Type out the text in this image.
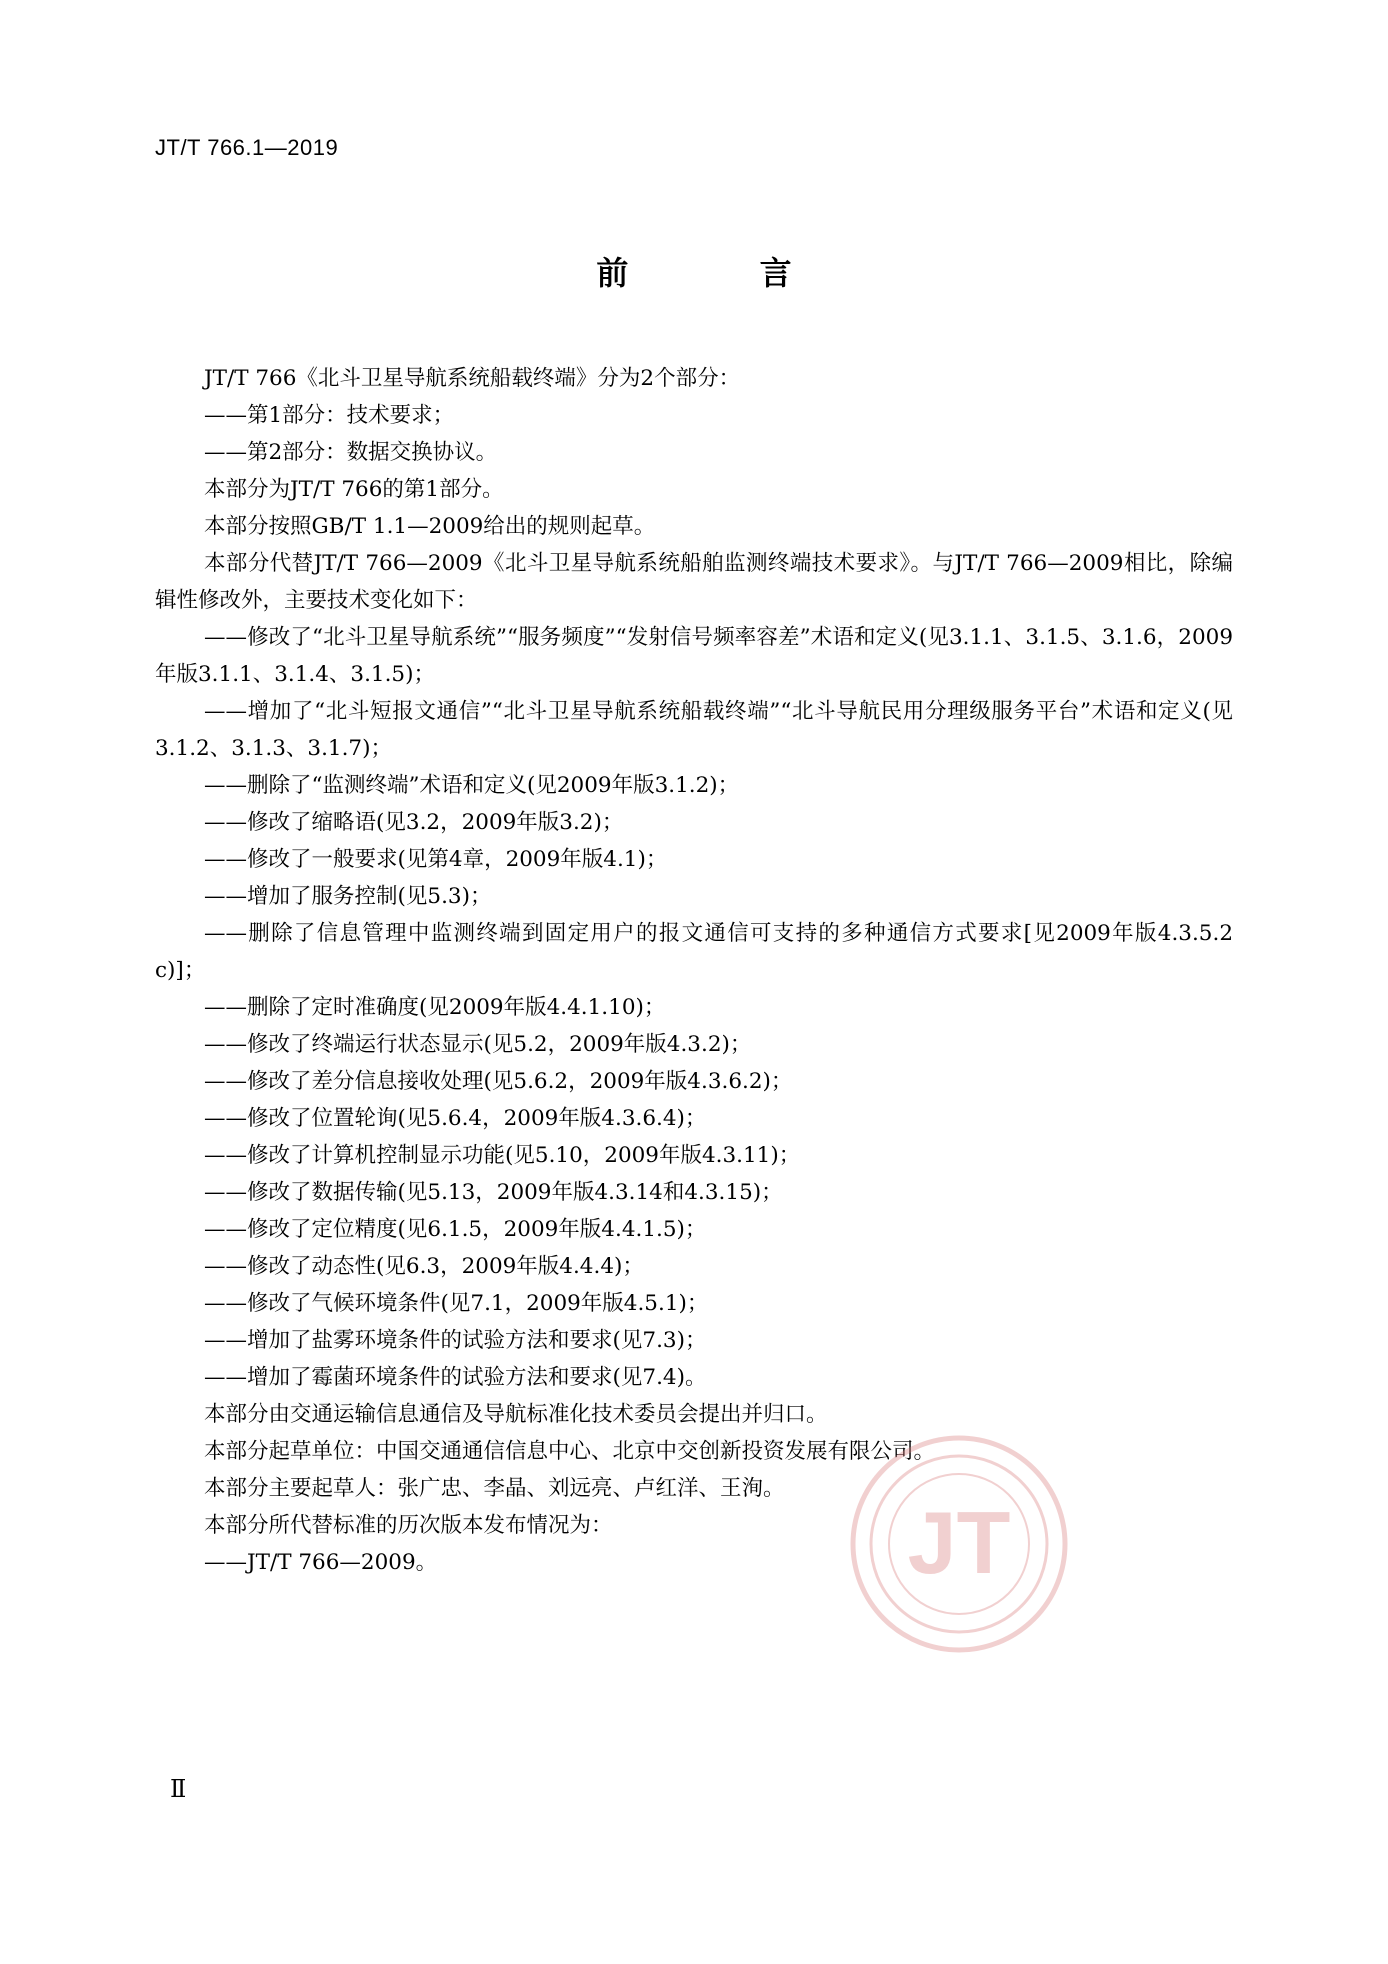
JT/T 766.1—2019
前 言

JT/T 766《北斗卫星导航系统船载终端》分为2个部分：

——第1部分：技术要求；

——第2部分：数据交换协议。

本部分为JT/T 766的第1部分。

本部分按照GB/T 1.1—2009给出的规则起草。

本部分代替JT/T 766—2009《北斗卫星导航系统船舶监测终端技术要求》。与JT/T 766—2009相比，除编辑性修改外，主要技术变化如下：

——修改了“北斗卫星导航系统”“服务频度”“发射信号频率容差”术语和定义(见3.1.1、3.1.5、3.1.6，2009年版3.1.1、3.1.4、3.1.5)；

——增加了“北斗短报文通信”“北斗卫星导航系统船载终端”“北斗导航民用分理级服务平台”术语和定义(见3.1.2、3.1.3、3.1.7)；

——删除了“监测终端”术语和定义(见2009年版3.1.2)；

——修改了缩略语(见3.2，2009年版3.2)；

——修改了一般要求(见第4章，2009年版4.1)；

——增加了服务控制(见5.3)；

——删除了信息管理中监测终端到固定用户的报文通信可支持的多种通信方式要求[见2009年版4.3.5.2 c)]；

——删除了定时准确度(见2009年版4.4.1.10)；

——修改了终端运行状态显示(见5.2，2009年版4.3.2)；

——修改了差分信息接收处理(见5.6.2，2009年版4.3.6.2)；

——修改了位置轮询(见5.6.4，2009年版4.3.6.4)；

——修改了计算机控制显示功能(见5.10，2009年版4.3.11)；

——修改了数据传输(见5.13，2009年版4.3.14和4.3.15)；

——修改了定位精度(见6.1.5，2009年版4.4.1.5)；

——修改了动态性(见6.3，2009年版4.4.4)；

——修改了气候环境条件(见7.1，2009年版4.5.1)；

——增加了盐雾环境条件的试验方法和要求(见7.3)；

——增加了霉菌环境条件的试验方法和要求(见7.4)。

本部分由交通运输信息通信及导航标准化技术委员会提出并归口。

本部分起草单位：中国交通通信信息中心、北京中交创新投资发展有限公司。

本部分主要起草人：张广忠、李晶、刘远亮、卢红洋、王洵。

本部分所代替标准的历次版本发布情况为：

——JT/T 766—2009。	JT
Ⅱ
